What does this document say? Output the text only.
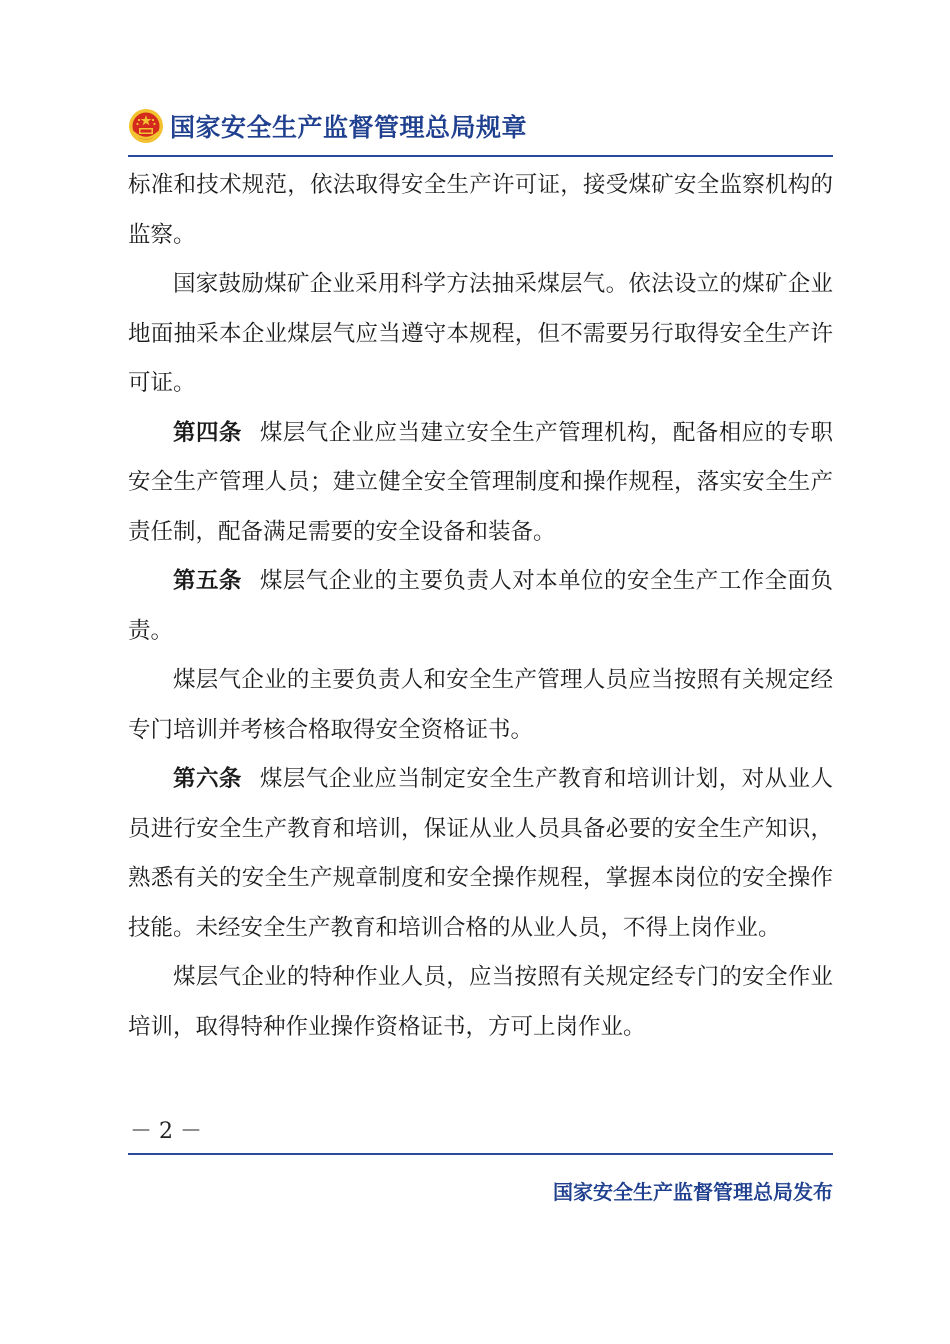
国家安全生产监督管理总局规章

标准和技术规范，依法取得安全生产许可证，接受煤矿安全监察机构的监察。

国家鼓励煤矿企业采用科学方法抽采煤层气。依法设立的煤矿企业地面抽采本企业煤层气应当遵守本规程，但不需要另行取得安全生产许可证。

第四条 煤层气企业应当建立安全生产管理机构，配备相应的专职安全生产管理人员；建立健全安全管理制度和操作规程，落实安全生产责任制，配备满足需要的安全设备和装备。

第五条 煤层气企业的主要负责人对本单位的安全生产工作全面负责。

煤层气企业的主要负责人和安全生产管理人员应当按照有关规定经专门培训并考核合格取得安全资格证书。

第六条 煤层气企业应当制定安全生产教育和培训计划，对从业人员进行安全生产教育和培训，保证从业人员具备必要的安全生产知识，熟悉有关的安全生产规章制度和安全操作规程，掌握本岗位的安全操作技能。未经安全生产教育和培训合格的从业人员，不得上岗作业。

煤层气企业的特种作业人员，应当按照有关规定经专门的安全作业培训，取得特种作业操作资格证书，方可上岗作业。

－ 2 －
国家安全生产监督管理总局发布
